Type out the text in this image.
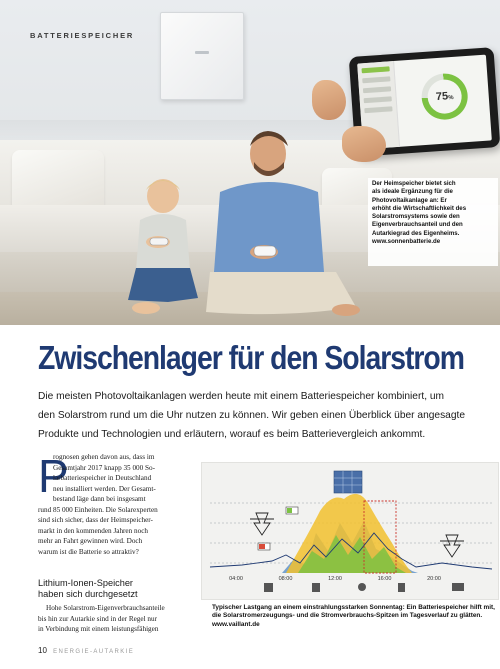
75%
BATTERIESPEICHER
Der Heimspeicher bietet sich
als ideale Ergänzung für die
Photovoltaikanlage an: Er
erhöht die Wirtschaftlichkeit des
Solarstromsystems sowie den
Eigenverbrauchsanteil und den
Autarkiegrad des Eigenheims.
www.sonnenbatterie.de
Zwischenlager für den Solarstrom
Die meisten Photovoltaikanlagen werden heute mit einem Batteriespeicher kombiniert, um
den Solarstrom rund um die Uhr nutzen zu können. Wir geben einen Überblick über angesagte
Produkte und Technologien und erläutern, worauf es beim Batterievergleich ankommt.
P
rognosen gehen davon aus, dass im
Gesamtjahr 2017 knapp 35 000 So-
larbatteriespeicher in Deutschland
neu installiert werden. Der Gesamt-
bestand läge dann bei insgesamt
rund 85 000 Einheiten. Die Solarexperten
sind sich sicher, dass der Heimspeicher-
markt in den kommenden Jahren noch
mehr an Fahrt gewinnen wird. Doch
warum ist die Batterie so attraktiv?
Lithium-Ionen-Speicher
haben sich durchgesetzt
Hohe Solarstrom-Eigenverbrauchsanteile
bis hin zur Autarkie sind in der Regel nur
in Verbindung mit einem leistungsfähigen
04:00	08:00	12:00	16:00	20:00
Typischer Lastgang an einem einstrahlungsstarken Sonnentag: Ein Batteriespeicher hilft mit,
die Solarstromerzeugungs- und die Stromverbrauchs-Spitzen im Tagesverlauf zu glätten.
www.vaillant.de
10 ENERGIE-AUTARKIE
